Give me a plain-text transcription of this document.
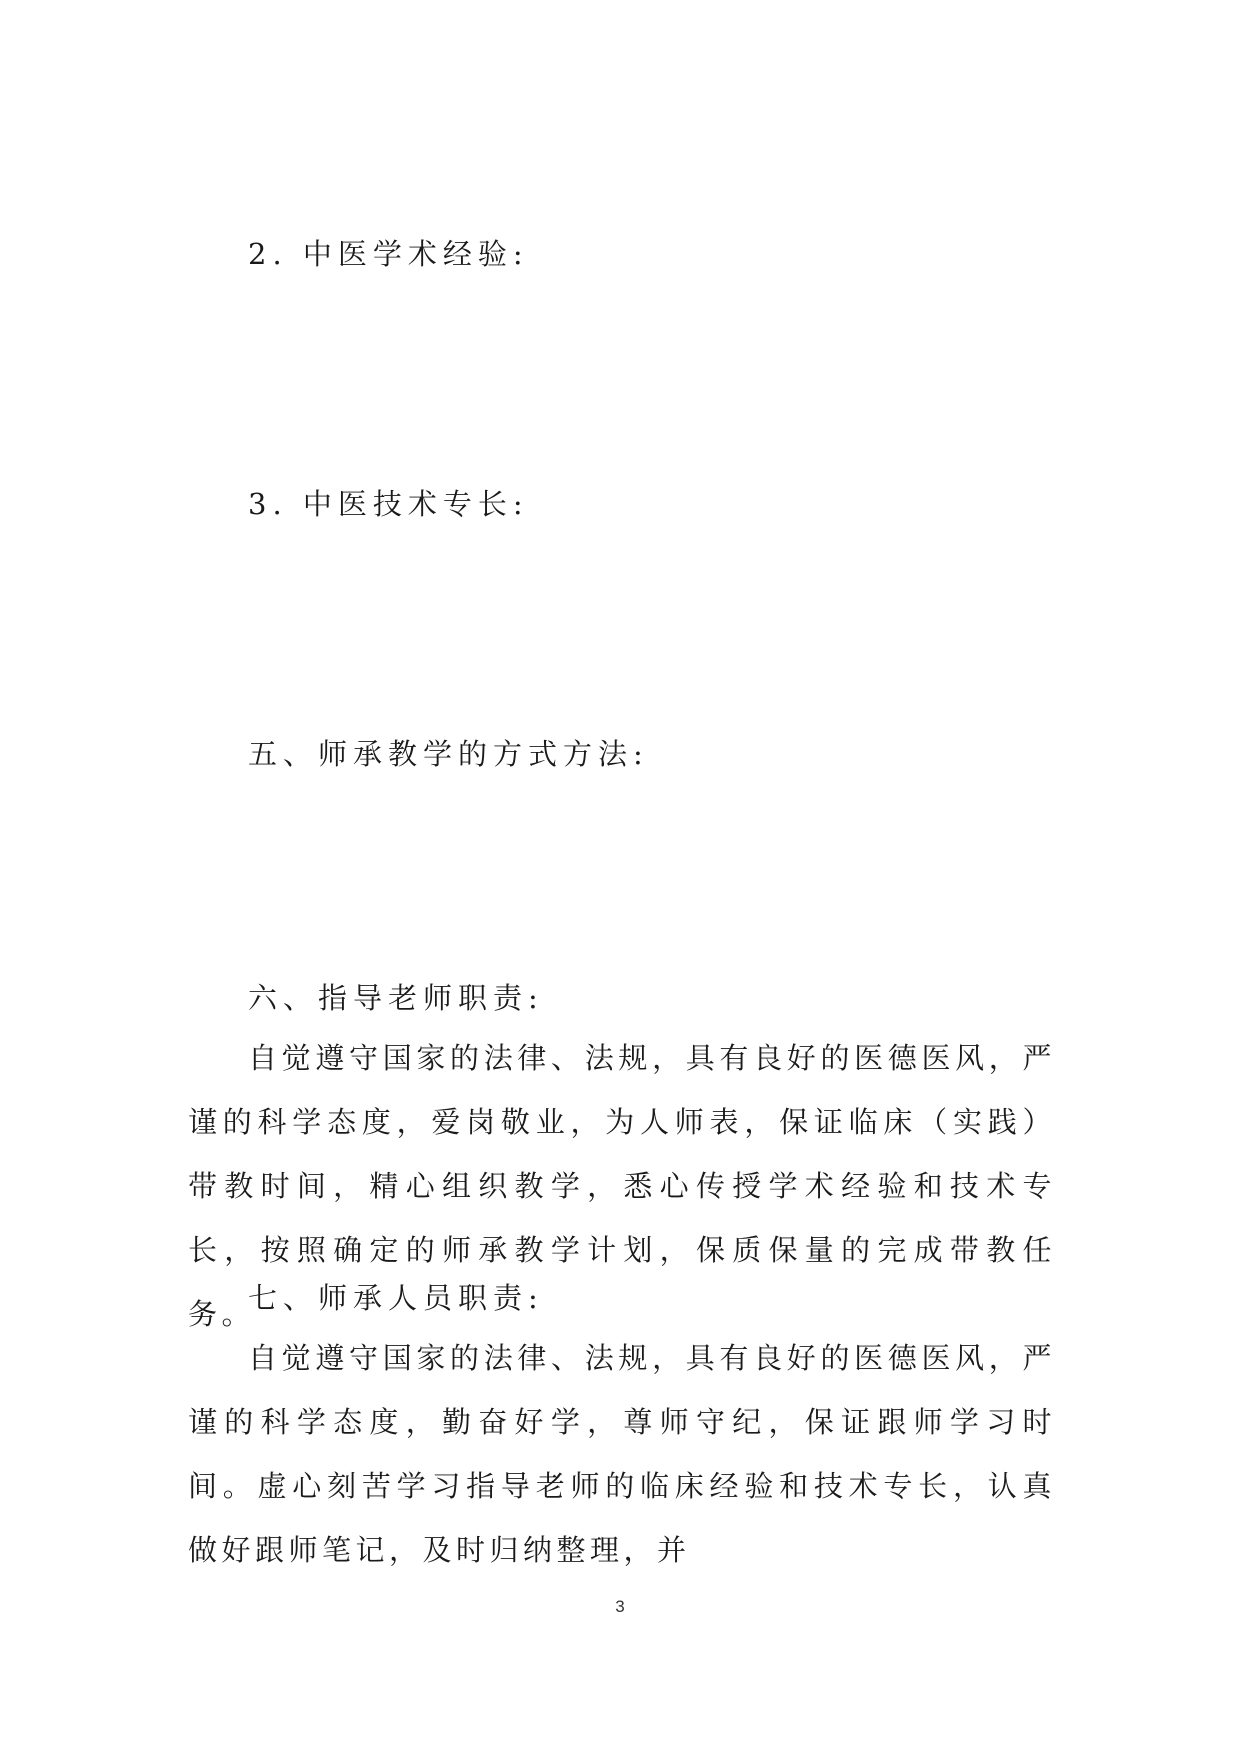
2. 中医学术经验:
3. 中医技术专长:
五、师承教学的方式方法:
六、指导老师职责:

自觉遵守国家的法律、法规，具有良好的医德医风，严谨的科学态度，爱岗敬业，为人师表，保证临床（实践）带教时间，精心组织教学，悉心传授学术经验和技术专长，按照确定的师承教学计划，保质保量的完成带教任务。

七、师承人员职责:

自觉遵守国家的法律、法规，具有良好的医德医风，严谨的科学态度，勤奋好学，尊师守纪，保证跟师学习时间。虚心刻苦学习指导老师的临床经验和技术专长，认真做好跟师笔记，及时归纳整理，并

3
